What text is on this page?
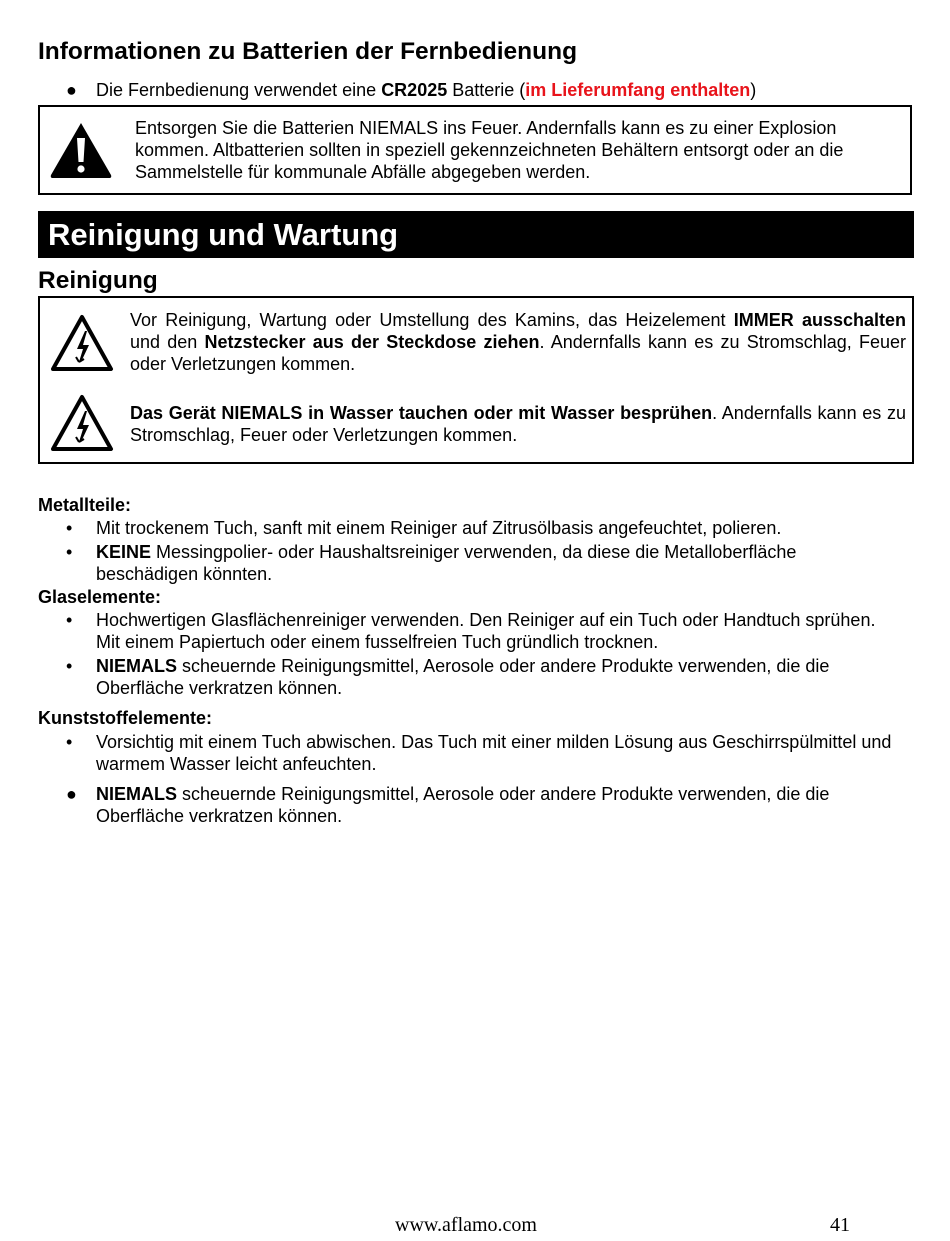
Informationen zu Batterien der Fernbedienung
● Die Fernbedienung verwendet eine CR2025 Batterie (im Lieferumfang enthalten)
Entsorgen Sie die Batterien NIEMALS ins Feuer. Andernfalls kann es zu einer Explosion kommen. Altbatterien sollten in speziell gekennzeichneten Behältern entsorgt oder an die Sammelstelle für kommunale Abfälle abgegeben werden.
Reinigung und Wartung
Reinigung
Vor Reinigung, Wartung oder Umstellung des Kamins, das Heizelement IMMER ausschalten und den Netzstecker aus der Steckdose ziehen. Andernfalls kann es zu Stromschlag, Feuer oder Verletzungen kommen.
Das Gerät NIEMALS in Wasser tauchen oder mit Wasser besprühen. Andernfalls kann es zu Stromschlag, Feuer oder Verletzungen kommen.
Metallteile:
• Mit trockenem Tuch, sanft mit einem Reiniger auf Zitrusölbasis angefeuchtet, polieren.
• KEINE Messingpolier- oder Haushaltsreiniger verwenden, da diese die Metalloberfläche beschädigen könnten.
Glaselemente:
• Hochwertigen Glasflächenreiniger verwenden. Den Reiniger auf ein Tuch oder Handtuch sprühen. Mit einem Papiertuch oder einem fusselfreien Tuch gründlich trocknen.
• NIEMALS scheuernde Reinigungsmittel, Aerosole oder andere Produkte verwenden, die die Oberfläche verkratzen können.
Kunststoffelemente:
• Vorsichtig mit einem Tuch abwischen. Das Tuch mit einer milden Lösung aus Geschirrspülmittel und warmem Wasser leicht anfeuchten.
● NIEMALS scheuernde Reinigungsmittel, Aerosole oder andere Produkte verwenden, die die Oberfläche verkratzen können.
www.aflamo.com	41
